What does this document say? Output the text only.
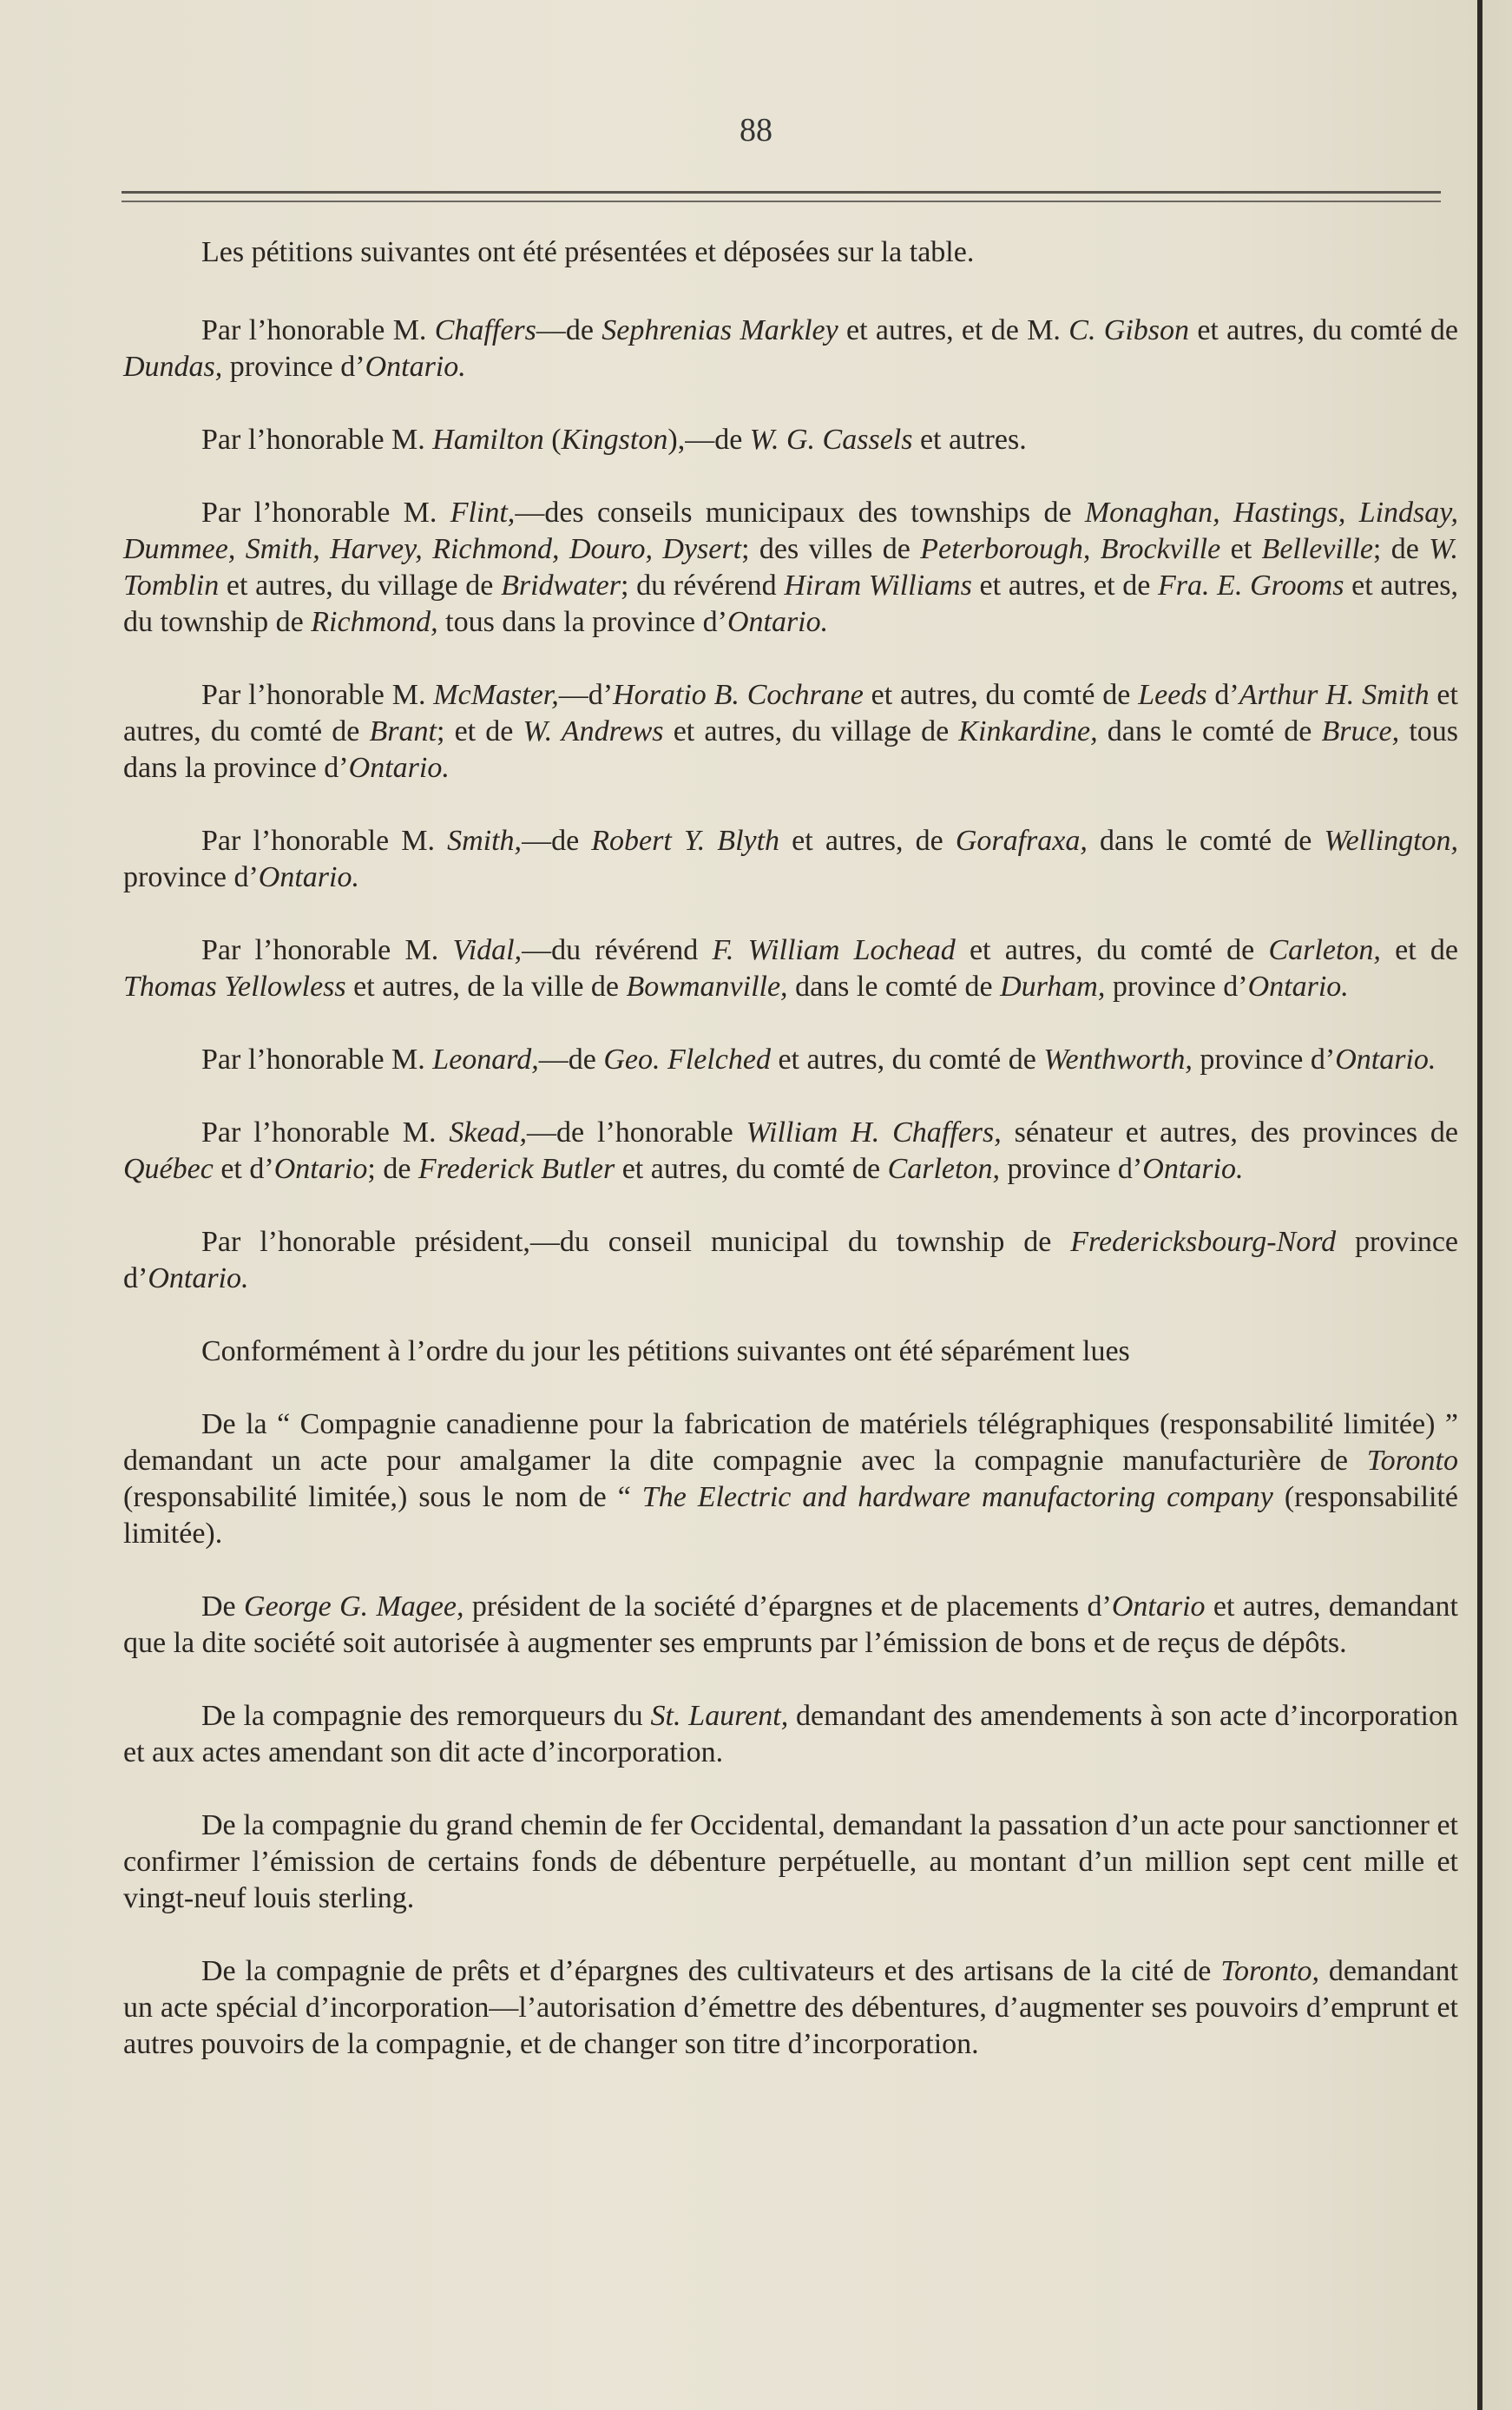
88

Les pétitions suivantes ont été présentées et déposées sur la table.

Par l’honorable M. Chaffers—de Sephrenias Markley et autres, et de M. C. Gibson et autres, du comté de Dundas, province d’Ontario.

Par l’honorable M. Hamilton (Kingston),—de W. G. Cassels et autres.

Par l’honorable M. Flint,—des conseils municipaux des townships de Monaghan, Hastings, Lindsay, Dummee, Smith, Harvey, Richmond, Douro, Dysert; des villes de Peterborough, Brockville et Belleville; de W. Tomblin et autres, du village de Bridwater; du révérend Hiram Williams et autres, et de Fra. E. Grooms et autres, du township de Richmond, tous dans la province d’Ontario.

Par l’honorable M. McMaster,—d’Horatio B. Cochrane et autres, du comté de Leeds d’Arthur H. Smith et autres, du comté de Brant; et de W. Andrews et autres, du village de Kinkardine, dans le comté de Bruce, tous dans la province d’Ontario.

Par l’honorable M. Smith,—de Robert Y. Blyth et autres, de Gorafraxa, dans le comté de Wellington, province d’Ontario.

Par l’honorable M. Vidal,—du révérend F. William Lochead et autres, du comté de Carleton, et de Thomas Yellowless et autres, de la ville de Bowmanville, dans le comté de Durham, province d’Ontario.

Par l’honorable M. Leonard,—de Geo. Flelched et autres, du comté de Wenthworth, province d’Ontario.

Par l’honorable M. Skead,—de l’honorable William H. Chaffers, sénateur et autres, des provinces de Québec et d’Ontario; de Frederick Butler et autres, du comté de Carleton, province d’Ontario.

Par l’honorable président,—du conseil municipal du township de Fredericksbourg-Nord province d’Ontario.

Conformément à l’ordre du jour les pétitions suivantes ont été séparément lues

De la “ Compagnie canadienne pour la fabrication de matériels télégraphiques (responsabilité limitée) ” demandant un acte pour amalgamer la dite compagnie avec la compagnie manufacturière de Toronto (responsabilité limitée,) sous le nom de “ The Electric and hardware manufactoring company (responsabilité limitée).

De George G. Magee, président de la société d’épargnes et de placements d’Ontario et autres, demandant que la dite société soit autorisée à augmenter ses emprunts par l’émission de bons et de reçus de dépôts.

De la compagnie des remorqueurs du St. Laurent, demandant des amendements à son acte d’incorporation et aux actes amendant son dit acte d’incorporation.

De la compagnie du grand chemin de fer Occidental, demandant la passation d’un acte pour sanctionner et confirmer l’émission de certains fonds de débenture perpétuelle, au montant d’un million sept cent mille et vingt-neuf louis sterling.

De la compagnie de prêts et d’épargnes des cultivateurs et des artisans de la cité de Toronto, demandant un acte spécial d’incorporation—l’autorisation d’émettre des débentures, d’augmenter ses pouvoirs d’emprunt et autres pouvoirs de la compagnie, et de changer son titre d’incorporation.
